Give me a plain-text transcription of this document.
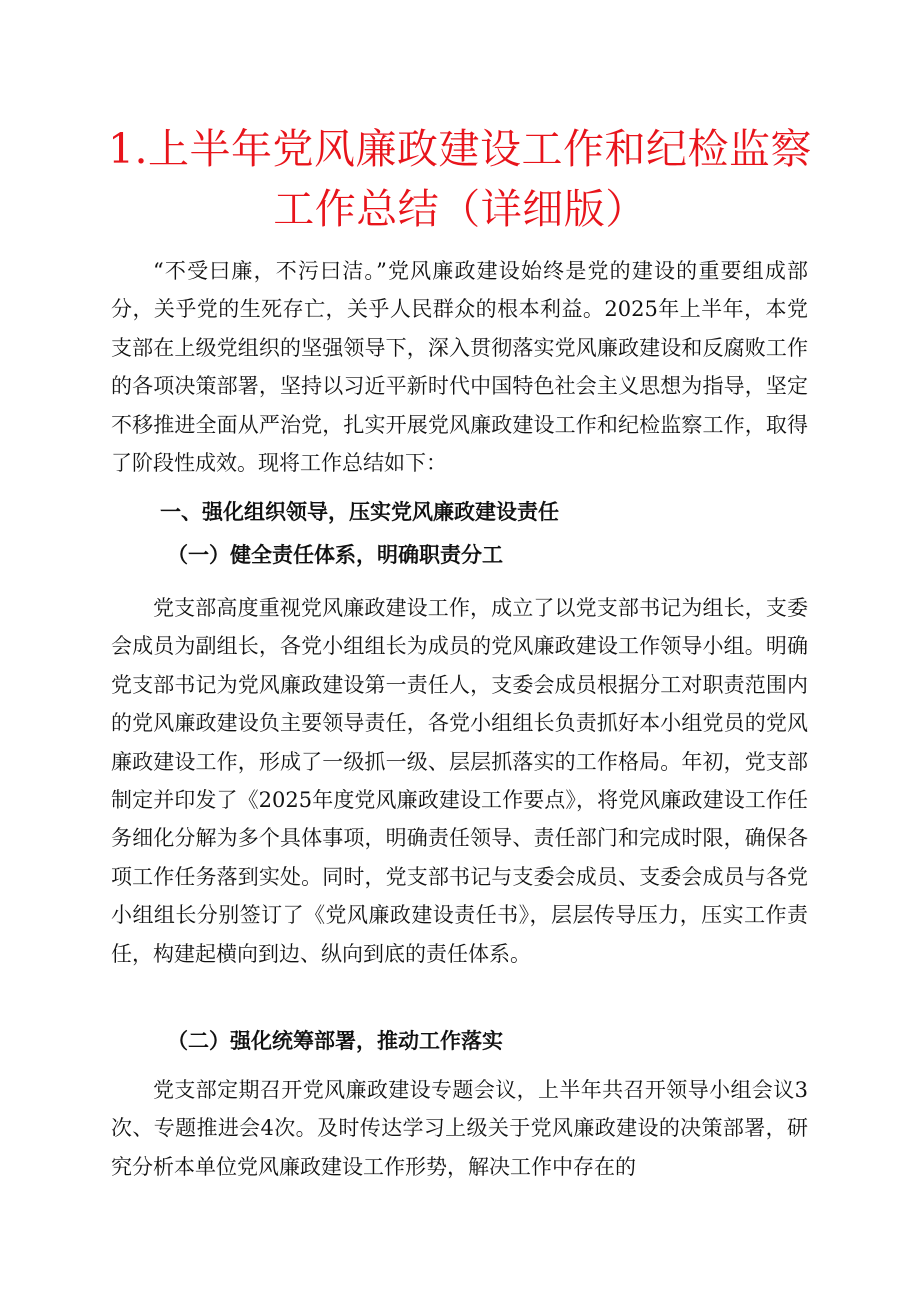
1.上半年党风廉政建设工作和纪检监察
工作总结（详细版）

“不受曰廉，不污曰洁。”党风廉政建设始终是党的建设的重要组成部分，关乎党的生死存亡，关乎人民群众的根本利益。2025年上半年，本党支部在上级党组织的坚强领导下，深入贯彻落实党风廉政建设和反腐败工作的各项决策部署，坚持以习近平新时代中国特色社会主义思想为指导，坚定不移推进全面从严治党，扎实开展党风廉政建设工作和纪检监察工作，取得了阶段性成效。现将工作总结如下：

一、强化组织领导，压实党风廉政建设责任
（一）健全责任体系，明确职责分工

党支部高度重视党风廉政建设工作，成立了以党支部书记为组长，支委会成员为副组长，各党小组组长为成员的党风廉政建设工作领导小组。明确党支部书记为党风廉政建设第一责任人，支委会成员根据分工对职责范围内的党风廉政建设负主要领导责任，各党小组组长负责抓好本小组党员的党风廉政建设工作，形成了一级抓一级、层层抓落实的工作格局。年初，党支部制定并印发了《2025年度党风廉政建设工作要点》，将党风廉政建设工作任务细化分解为多个具体事项，明确责任领导、责任部门和完成时限，确保各项工作任务落到实处。同时，党支部书记与支委会成员、支委会成员与各党小组组长分别签订了《党风廉政建设责任书》，层层传导压力，压实工作责任，构建起横向到边、纵向到底的责任体系。

（二）强化统筹部署，推动工作落实

党支部定期召开党风廉政建设专题会议，上半年共召开领导小组会议3次、专题推进会4次。及时传达学习上级关于党风廉政建设的决策部署，研究分析本单位党风廉政建设工作形势，解决工作中存在的
